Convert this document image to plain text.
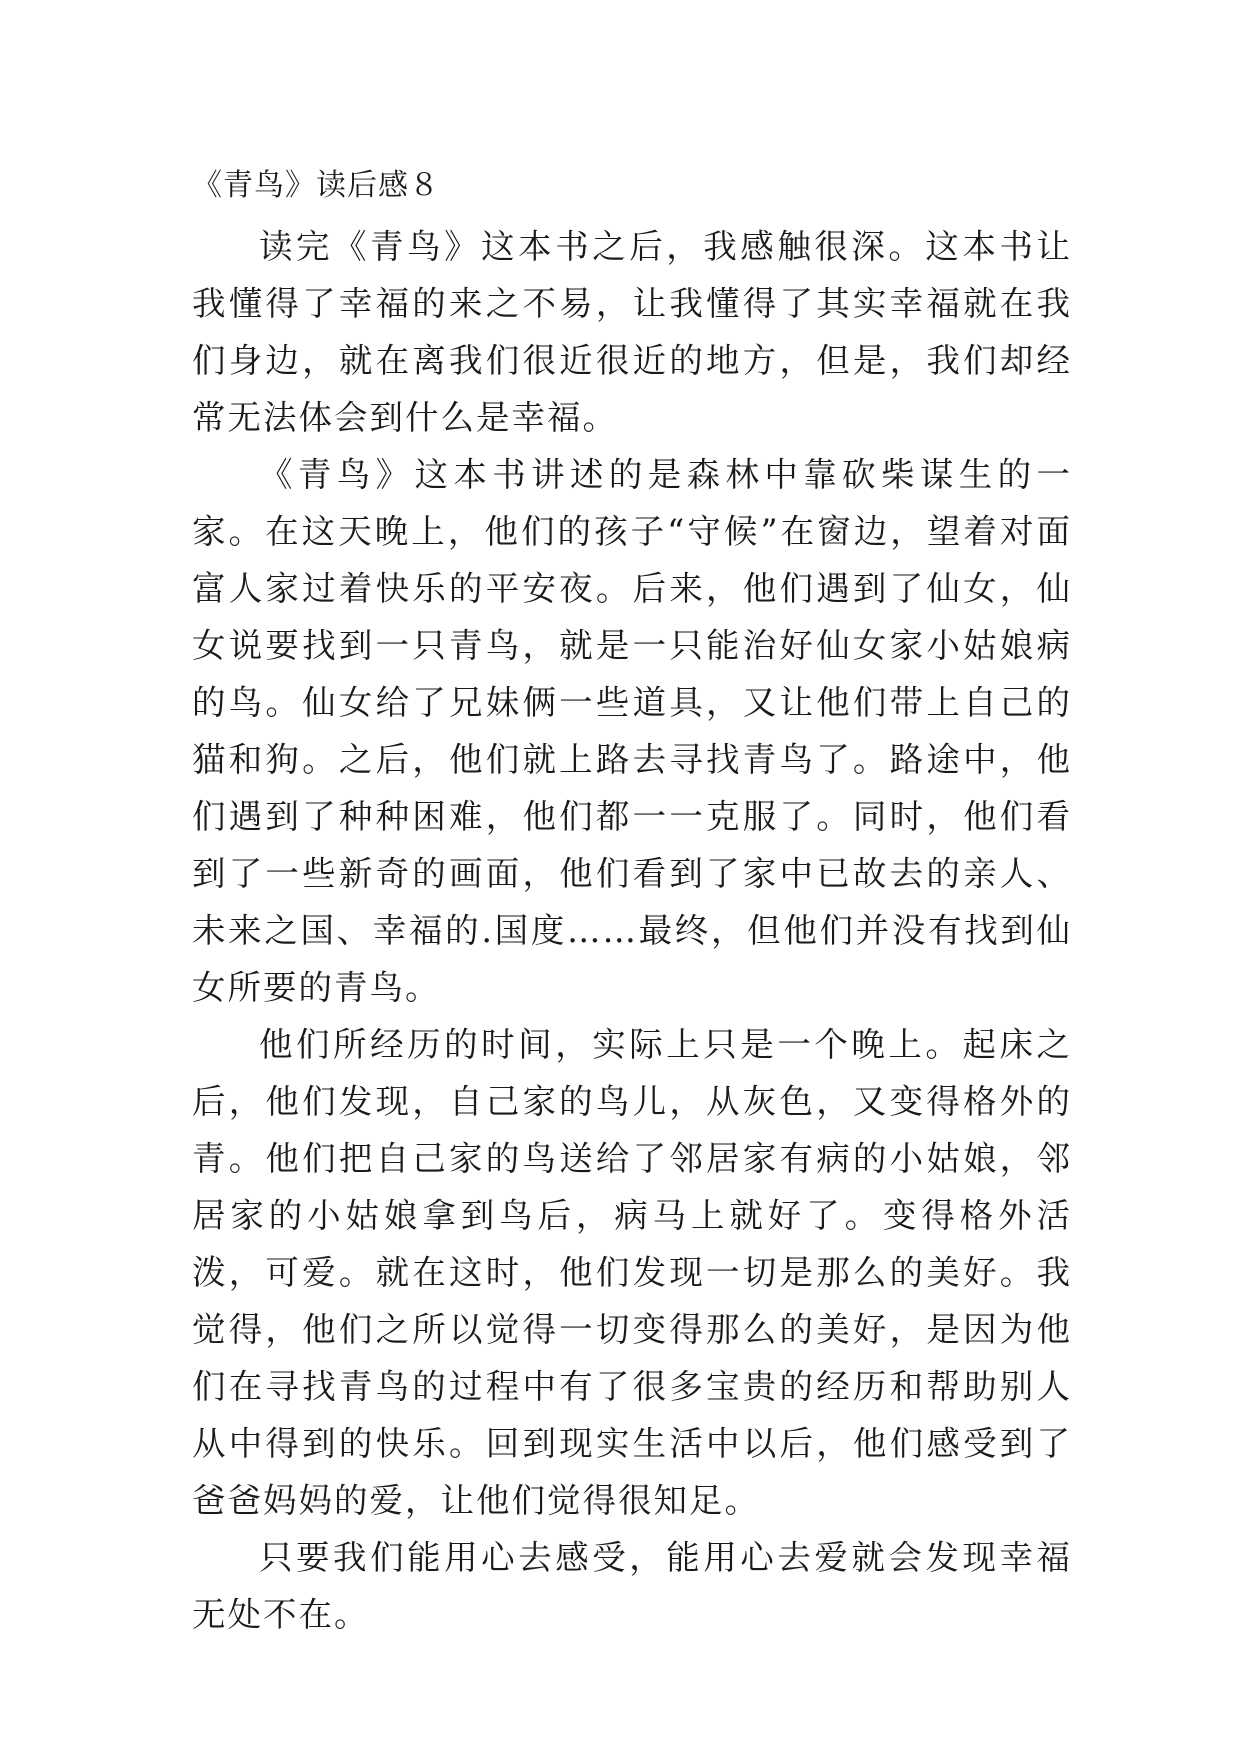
《青鸟》读后感８

读完《青鸟》这本书之后，我感触很深。这本书让我懂得了幸福的来之不易，让我懂得了其实幸福就在我们身边，就在离我们很近很近的地方，但是，我们却经常无法体会到什么是幸福。

《青鸟》这本书讲述的是森林中靠砍柴谋生的一家。在这天晚上，他们的孩子“守候”在窗边，望着对面富人家过着快乐的平安夜。后来，他们遇到了仙女，仙女说要找到一只青鸟，就是一只能治好仙女家小姑娘病的鸟。仙女给了兄妹俩一些道具，又让他们带上自己的猫和狗。之后，他们就上路去寻找青鸟了。路途中，他们遇到了种种困难，他们都一一克服了。同时，他们看到了一些新奇的画面，他们看到了家中已故去的亲人、未来之国、幸福的.国度……最终，但他们并没有找到仙女所要的青鸟。

他们所经历的时间，实际上只是一个晚上。起床之后，他们发现，自己家的鸟儿，从灰色，又变得格外的青。他们把自己家的鸟送给了邻居家有病的小姑娘，邻居家的小姑娘拿到鸟后，病马上就好了。变得格外活泼，可爱。就在这时，他们发现一切是那么的美好。我觉得，他们之所以觉得一切变得那么的美好，是因为他们在寻找青鸟的过程中有了很多宝贵的经历和帮助别人从中得到的快乐。回到现实生活中以后，他们感受到了爸爸妈妈的爱，让他们觉得很知足。

只要我们能用心去感受，能用心去爱就会发现幸福无处不在。
